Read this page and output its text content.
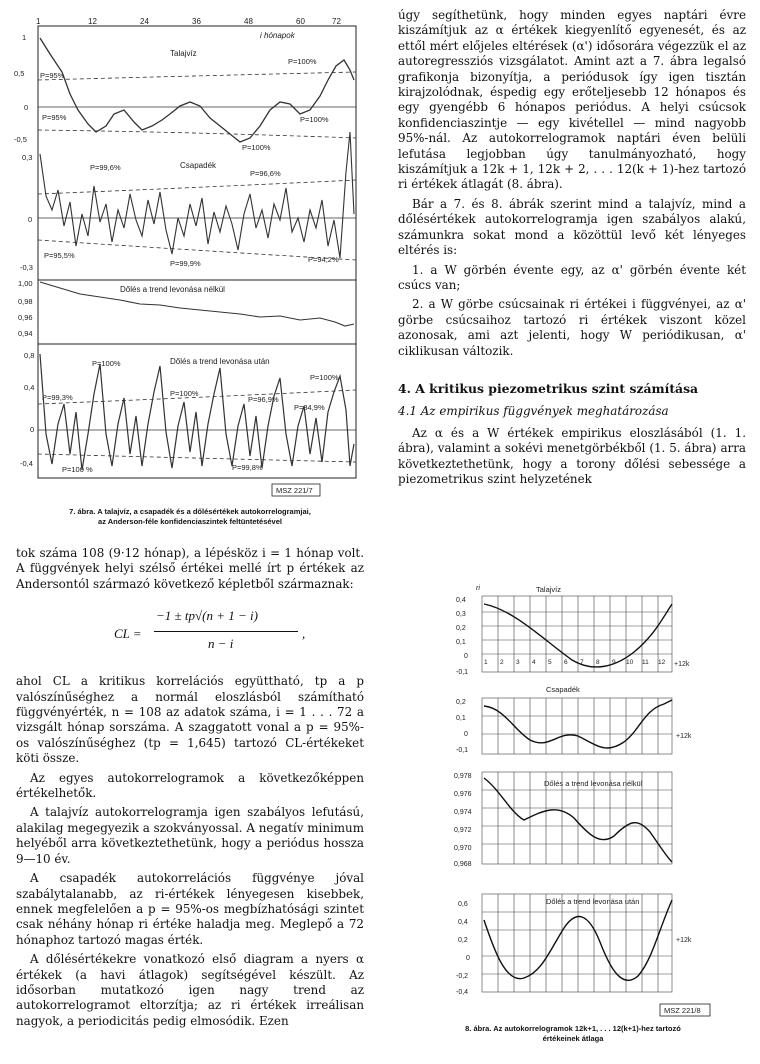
1	12	24	36	48	60	72
i hónapok
1
0,5
0
-0,5
Talajvíz
P=95%
P=100%
P=95%	P=100%
P=100%
0,3
0
-0,3
Csapadék
P=99,6%
P=96,6%
P=95,5%
P=99,9%	P=94,2%
1,00
0,98
0,96
0,94
Dőlés a trend levonása nélkül
0,8
0,4
0
-0,4
Dőlés a trend levonása után
P=100%
P=99,3%	P=100%
P=96,9%
P=84,9%
P=100%
P=99,8%
P=100 %
MSZ 221/7
7. ábra. A talajvíz, a csapadék és a dőlésértékek autokorrelogramjai,
az Anderson-féle konfidenciaszintek feltüntetésével

tok száma 108 (9·12 hónap), a lépésköz i = 1 hónap volt. A függvények helyi szélső értékei mellé írt p értékek az Andersontól származó következő képletből származnak:

CL =
−1 ± tp√(n + 1 − i)
n − i
,

ahol CL a kritikus korrelációs együttható, tp a p valószínűséghez a normál eloszlásból számítható függvényérték, n = 108 az adatok száma, i = 1 . . . 72 a vizsgált hónap sorszáma. A szaggatott vonal a p = 95%-os valószínűséghez (tp = 1,645) tartozó CL-értékeket köti össze.

Az egyes autokorrelogramok a következőképpen értékelhetők.

A talajvíz autokorrelogramja igen szabályos lefutású, alakilag megegyezik a szokványossal. A negatív minimum helyéből arra következtethetünk, hogy a periódus hossza 9—10 év.

A csapadék autokorrelációs függvénye jóval szabálytalanabb, az ri-értékek lényegesen kisebbek, ennek megfelelően a p = 95%-os megbízhatósági szintet csak néhány hónap ri értéke haladja meg. Meglepő a 72 hónaphoz tartozó magas érték.

A dőlésértékekre vonatkozó első diagram a nyers α értékek (a havi átlagok) segítségével készült. Az idősorban mutatkozó igen nagy trend az autokorrelogramot eltorzítja; az ri értékek irreálisan nagyok, a periodicitás pedig elmosódik. Ezen

úgy segíthetünk, hogy minden egyes naptári évre kiszámítjuk az α értékek kiegyenlítő egyenesét, és az ettől mért előjeles eltérések (α') idősorára végezzük el az autoregressziós vizsgálatot. Amint azt a 7. ábra legalsó grafikonja bizonyítja, a periódusok így igen tisztán kirajzolódnak, éspedig egy erőteljesebb 12 hónapos és egy gyengébb 6 hónapos periódus. A helyi csúcsok konfidenciaszintje — egy kivétellel — mind nagyobb 95%-nál. Az autokorrelogramok naptári éven belüli lefutása legjobban úgy tanulmányozható, hogy kiszámítjuk a 12k + 1, 12k + 2, . . . 12(k + 1)-hez tartozó ri értékek átlagát (8. ábra).

Bár a 7. és 8. ábrák szerint mind a talajvíz, mind a dőlésértékek autokorrelogramja igen szabályos alakú, számunkra sokat mond a közöttül levő két lényeges eltérés is:

1. a W görbén évente egy, az α' görbén évente két csúcs van;

2. a W görbe csúcsainak ri értékei i függvényei, az α' görbe csúcsaihoz tartozó ri értékek viszont közel azonosak, ami azt jelenti, hogy W periódikusan, α' ciklikusan változik.

4. A kritikus piezometrikus szint számítása
4.1 Az empirikus függvények meghatározása

Az α és a W értékek empirikus eloszlásából (1. 1. ábra), valamint a sokévi menetgörbékből (1. 5. ábra) arra következtethetünk, hogy a torony dőlési sebessége a piezometrikus szint helyzetének

Talajvíz
0,4
0,3
0,2
0,1
0
-0,1
Csapadék
0,2
0,1
0
-0,1
Dőlés a trend levonása nélkül
0,978
0,976
0,974
0,972
0,970
0,968
Dőlés a trend levonása után
0,6
0,4
0,2
0
-0,2
-0,4
+12k
+12k
+12k
ri
1 2 3 4 5 6 7 8 9 10 11 12
MSZ 221/8
8. ábra. Az autokorrelogramok 12k+1, . . . 12(k+1)-hez tartozó
értékeinek átlaga
